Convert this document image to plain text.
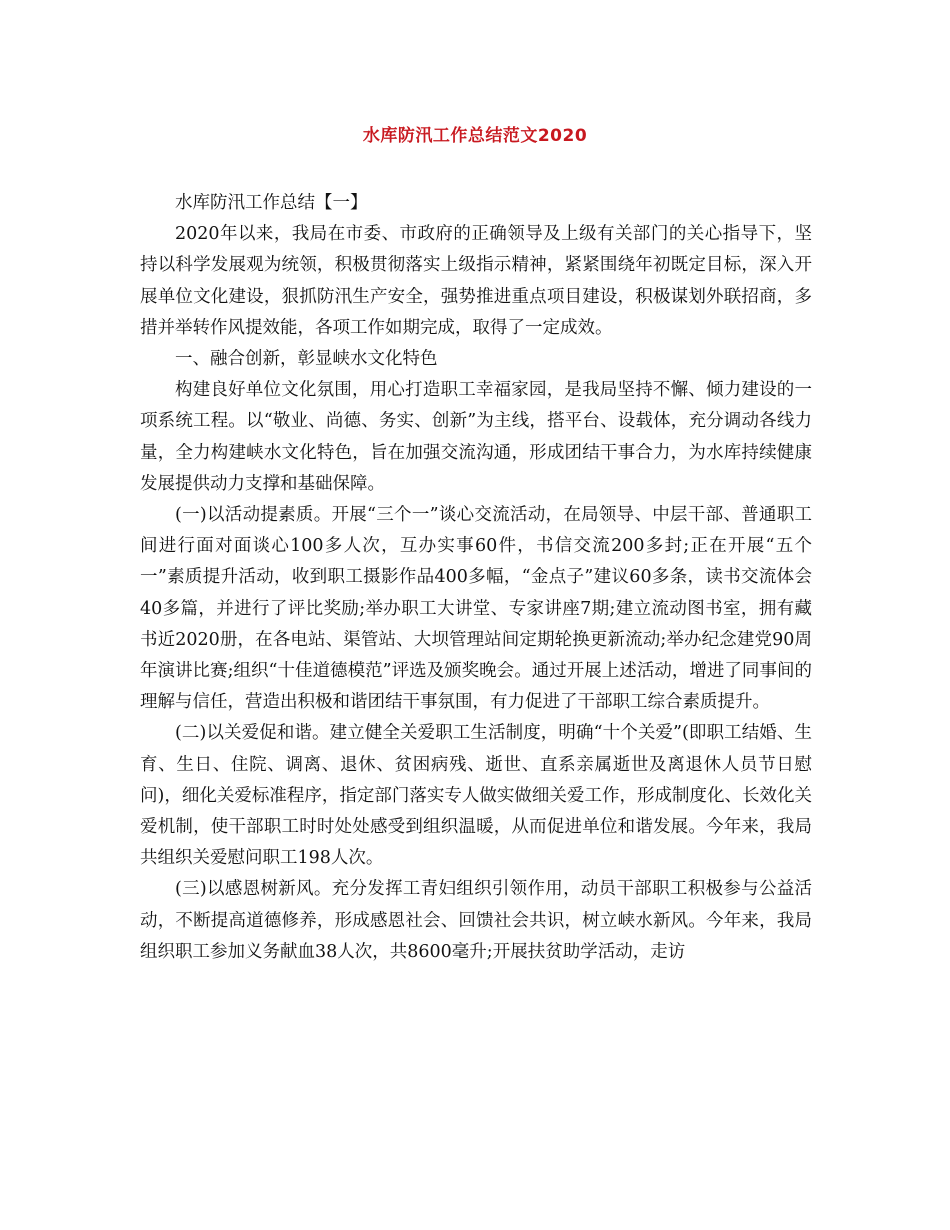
水库防汛工作总结范文2020

水库防汛工作总结【一】

2020年以来，我局在市委、市政府的正确领导及上级有关部门的关心指导下，坚持以科学发展观为统领，积极贯彻落实上级指示精神，紧紧围绕年初既定目标，深入开展单位文化建设，狠抓防汛生产安全，强势推进重点项目建设，积极谋划外联招商，多措并举转作风提效能，各项工作如期完成，取得了一定成效。

一、融合创新，彰显峡水文化特色

构建良好单位文化氛围，用心打造职工幸福家园，是我局坚持不懈、倾力建设的一项系统工程。以“敬业、尚德、务实、创新”为主线，搭平台、设载体，充分调动各线力量，全力构建峡水文化特色，旨在加强交流沟通，形成团结干事合力，为水库持续健康发展提供动力支撑和基础保障。

(一)以活动提素质。开展“三个一”谈心交流活动，在局领导、中层干部、普通职工间进行面对面谈心100多人次，互办实事60件，书信交流200多封;正在开展“五个一”素质提升活动，收到职工摄影作品400多幅，“金点子”建议60多条，读书交流体会40多篇，并进行了评比奖励;举办职工大讲堂、专家讲座7期;建立流动图书室，拥有藏书近2020册，在各电站、渠管站、大坝管理站间定期轮换更新流动;举办纪念建党90周年演讲比赛;组织“十佳道德模范”评选及颁奖晚会。通过开展上述活动，增进了同事间的理解与信任，营造出积极和谐团结干事氛围，有力促进了干部职工综合素质提升。

(二)以关爱促和谐。建立健全关爱职工生活制度，明确“十个关爱”(即职工结婚、生育、生日、住院、调离、退休、贫困病残、逝世、直系亲属逝世及离退休人员节日慰问)，细化关爱标准程序，指定部门落实专人做实做细关爱工作，形成制度化、长效化关爱机制，使干部职工时时处处感受到组织温暖，从而促进单位和谐发展。今年来，我局共组织关爱慰问职工198人次。

(三)以感恩树新风。充分发挥工青妇组织引领作用，动员干部职工积极参与公益活动，不断提高道德修养，形成感恩社会、回馈社会共识，树立峡水新风。今年来，我局组织职工参加义务献血38人次，共8600毫升;开展扶贫助学活动，走访
